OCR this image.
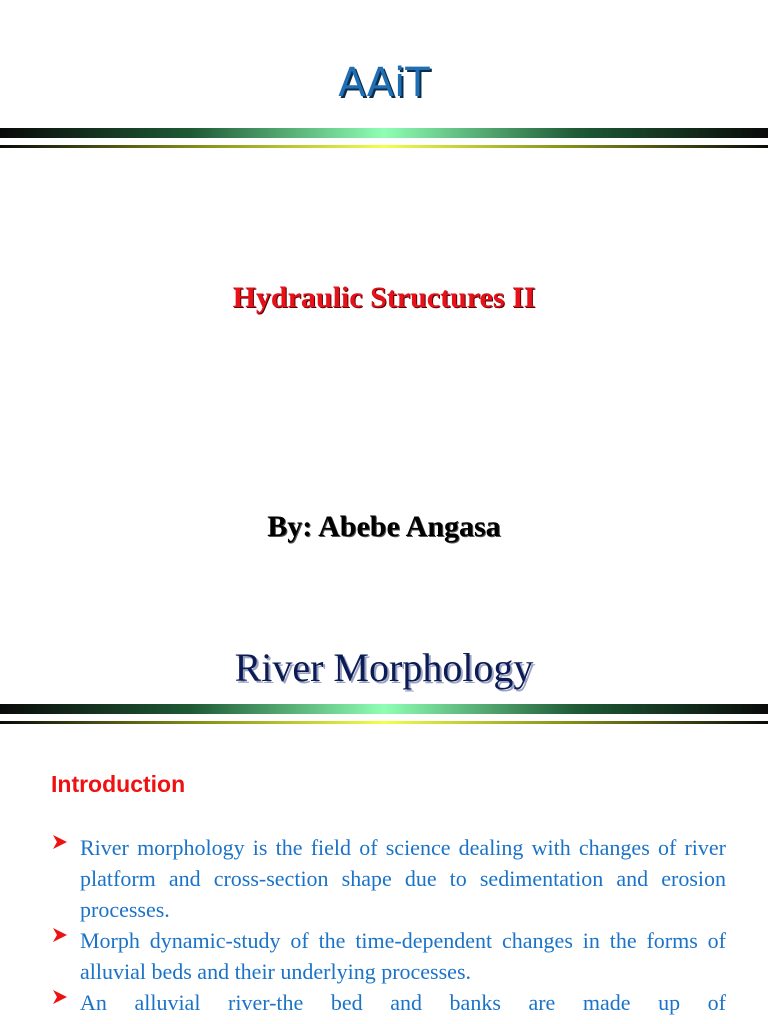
AAiT
Hydraulic Structures II
By: Abebe Angasa
River Morphology
Introduction
River morphology is the field of science dealing with changes of river platform and cross-section shape due to sedimentation and erosion processes.
Morph dynamic-study of the time-dependent changes in the forms of alluvial beds and their underlying processes.
An alluvial river-the bed and banks are made up of
